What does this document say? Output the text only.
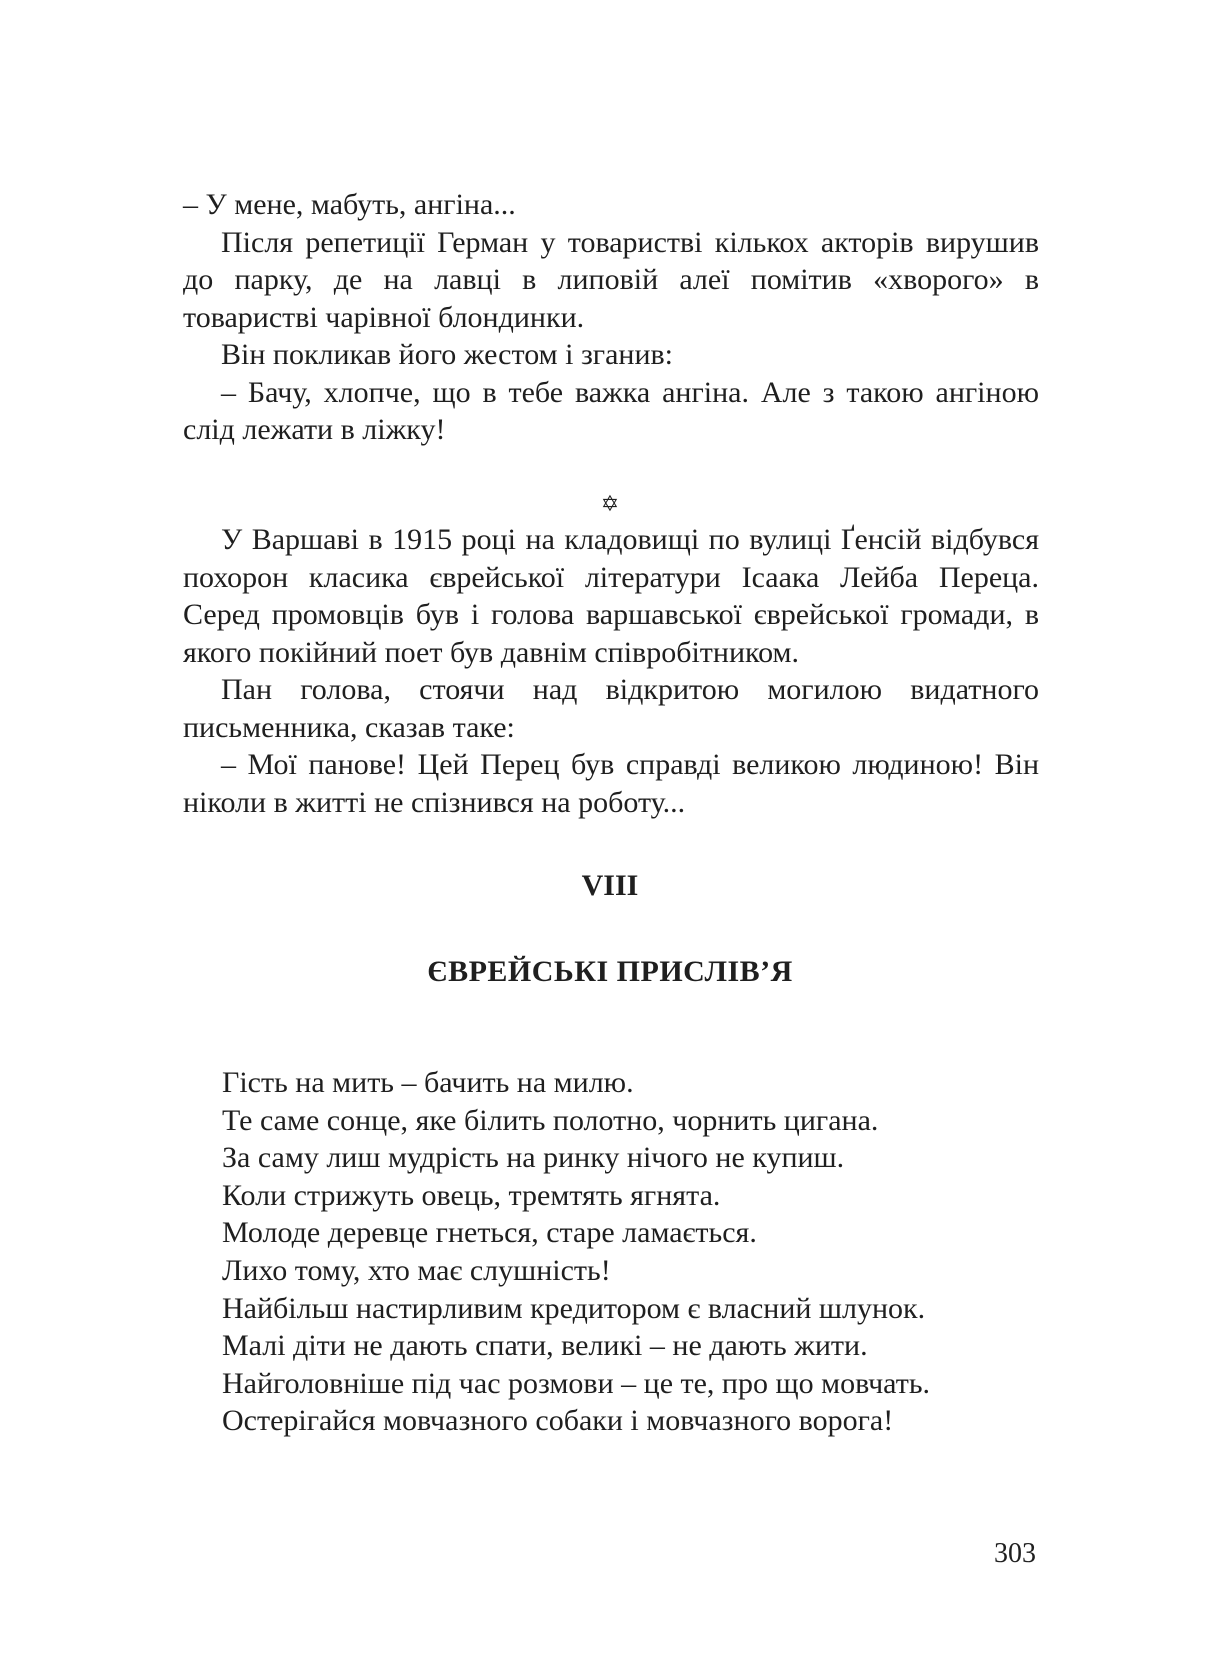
– У мене, мабуть, ангіна...

Після репетиції Герман у товаристві кількох акторів вирушив до парку, де на лавці в липовій алеї помітив «хворого» в товариcтві чарівної блондинки.

Він покликав його жестом і зганив:

– Бачу, хлопче, що в тебе важка ангіна. Але з такою ангіною слід лежати в ліжку!

✡

У Варшаві в 1915 році на кладовищі по вулиці Ґенсій відбувся похорон класика єврейської літератури Ісаака Лейба Переца. Серед промовців був і голова варшавської єврейської громади, в якого покійний поет був давнім співробітником.

Пан голова, стоячи над відкритою могилою видатного письменника, сказав таке:

– Мої панове! Цей Перец був справді великою людиною! Він ніколи в житті не спізнився на роботу...

VIII
ЄВРЕЙСЬКІ ПРИСЛІВ’Я
Гість на мить – бачить на милю.
Те саме сонце, яке білить полотно, чорнить цигана.
За саму лиш мудрість на ринку нічого не купиш.
Коли стрижуть овець, тремтять ягнята.
Молоде деревце гнеться, старе ламається.
Лихо тому, хто має слушність!
Найбільш настирливим кредитором є власний шлунок.
Малі діти не дають спати, великі – не дають жити.
Найголовніше під час розмови – це те, про що мовчать.
Остерігайся мовчазного собаки і мовчазного ворога!
303
